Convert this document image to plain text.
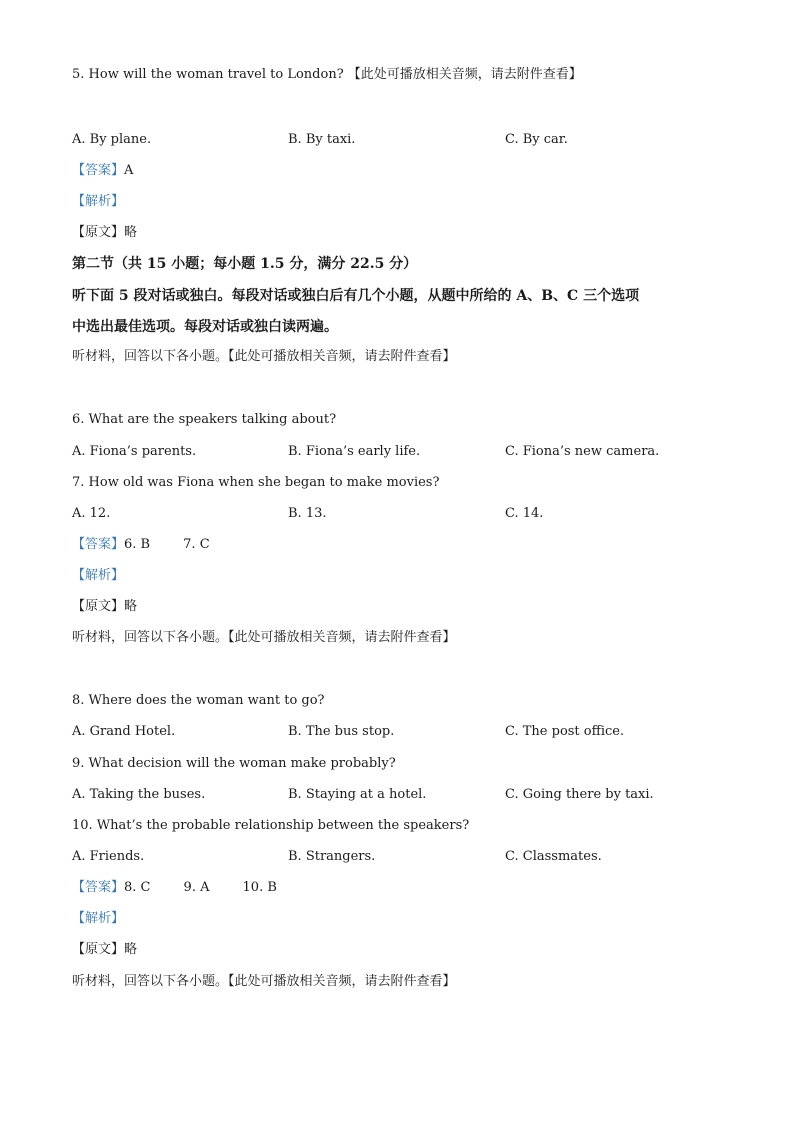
5. How will the woman travel to London? 【此处可播放相关音频，请去附件查看】
A. By plane.	B. By taxi.	C. By car.
【答案】A
【解析】
【原文】略
第二节（共 15 小题；每小题 1.5 分，满分 22.5 分）
听下面 5 段对话或独白。每段对话或独白后有几个小题，从题中所给的 A、B、C 三个选项
中选出最佳选项。每段对话或独白读两遍。
听材料，回答以下各小题。【此处可播放相关音频，请去附件查看】
6. What are the speakers talking about?
A. Fiona’s parents.	B. Fiona’s early life.	C. Fiona’s new camera.
7. How old was Fiona when she began to make movies?
A. 12.	B. 13.	C. 14.
【答案】6. B        7. C
【解析】
【原文】略
听材料，回答以下各小题。【此处可播放相关音频，请去附件查看】
8. Where does the woman want to go?
A. Grand Hotel.	B. The bus stop.	C. The post office.
9. What decision will the woman make probably?
A. Taking the buses.	B. Staying at a hotel.	C. Going there by taxi.
10. What’s the probable relationship between the speakers?
A. Friends.	B. Strangers.	C. Classmates.
【答案】8. C        9. A        10. B
【解析】
【原文】略
听材料，回答以下各小题。【此处可播放相关音频，请去附件查看】
